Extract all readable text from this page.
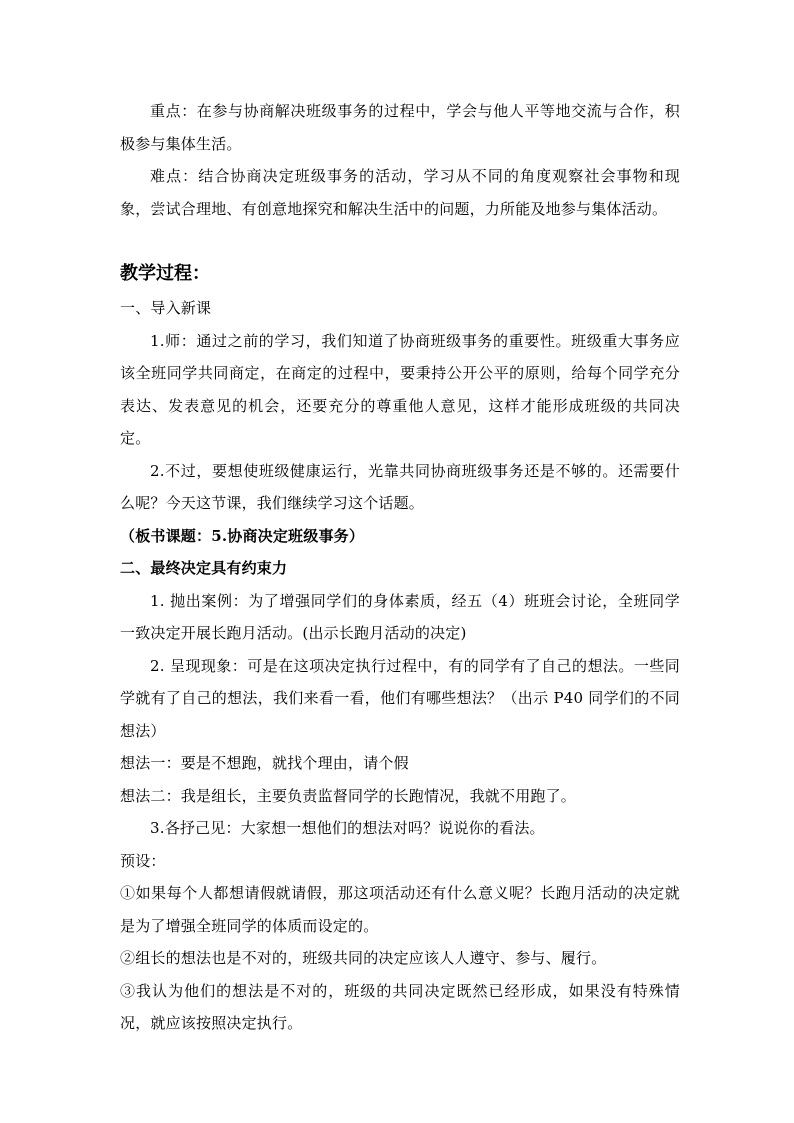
重点：在参与协商解决班级事务的过程中，学会与他人平等地交流与合作，积极参与集体生活。

难点：结合协商决定班级事务的活动，学习从不同的角度观察社会事物和现象，尝试合理地、有创意地探究和解决生活中的问题，力所能及地参与集体活动。

教学过程：

一、导入新课

1.师：通过之前的学习，我们知道了协商班级事务的重要性。班级重大事务应该全班同学共同商定，在商定的过程中，要秉持公开公平的原则，给每个同学充分表达、发表意见的机会，还要充分的尊重他人意见，这样才能形成班级的共同决定。

2.不过，要想使班级健康运行，光靠共同协商班级事务还是不够的。还需要什么呢？今天这节课，我们继续学习这个话题。

（板书课题：5.协商决定班级事务）

二、最终决定具有约束力

1. 抛出案例：为了增强同学们的身体素质，经五（4）班班会讨论，全班同学一致决定开展长跑月活动。(出示长跑月活动的决定)

2. 呈现现象：可是在这项决定执行过程中，有的同学有了自己的想法。一些同学就有了自己的想法，我们来看一看，他们有哪些想法？（出示 P40 同学们的不同想法）

想法一：要是不想跑，就找个理由，请个假

想法二：我是组长，主要负责监督同学的长跑情况，我就不用跑了。

3.各抒己见：大家想一想他们的想法对吗？说说你的看法。

预设：

①如果每个人都想请假就请假，那这项活动还有什么意义呢？长跑月活动的决定就是为了增强全班同学的体质而设定的。

②组长的想法也是不对的，班级共同的决定应该人人遵守、参与、履行。

③我认为他们的想法是不对的，班级的共同决定既然已经形成，如果没有特殊情况，就应该按照决定执行。
